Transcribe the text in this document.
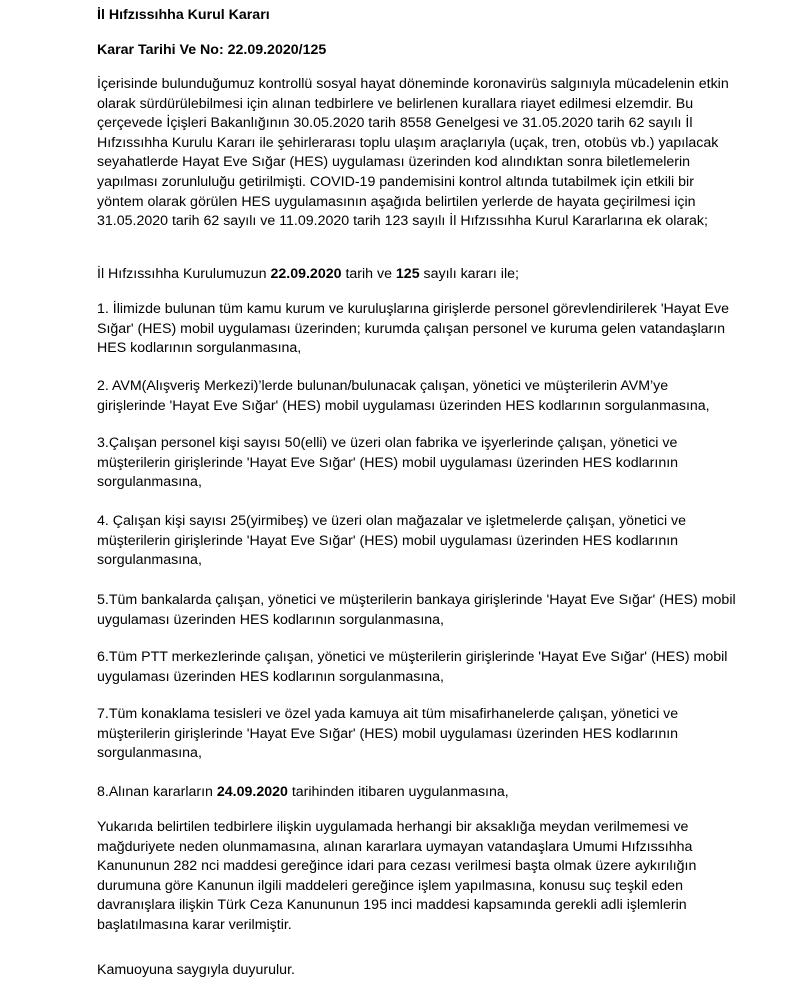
İl Hıfzıssıhha Kurul Kararı
Karar Tarihi Ve No: 22.09.2020/125
İçerisinde bulunduğumuz kontrollü sosyal hayat döneminde koronavirüs salgınıyla mücadelenin etkin
olarak sürdürülebilmesi için alınan tedbirlere ve belirlenen kurallara riayet edilmesi elzemdir. Bu
çerçevede İçişleri Bakanlığının 30.05.2020 tarih 8558 Genelgesi ve 31.05.2020 tarih 62 sayılı İl
Hıfzıssıhha Kurulu Kararı ile şehirlerarası toplu ulaşım araçlarıyla (uçak, tren, otobüs vb.) yapılacak
seyahatlerde Hayat Eve Sığar (HES) uygulaması üzerinden kod alındıktan sonra biletlemelerin
yapılması zorunluluğu getirilmişti. COVID-19 pandemisini kontrol altında tutabilmek için etkili bir
yöntem olarak görülen HES uygulamasının aşağıda belirtilen yerlerde de hayata geçirilmesi için
31.05.2020 tarih 62 sayılı ve 11.09.2020 tarih 123 sayılı İl Hıfzıssıhha Kurul Kararlarına ek olarak;
İl Hıfzıssıhha Kurulumuzun 22.09.2020 tarih ve 125 sayılı kararı ile;
1. İlimizde bulunan tüm kamu kurum ve kuruluşlarına girişlerde personel görevlendirilerek 'Hayat Eve
Sığar' (HES) mobil uygulaması üzerinden; kurumda çalışan personel ve kuruma gelen vatandaşların
HES kodlarının sorgulanmasına,
2. AVM(Alışveriş Merkezi)’lerde bulunan/bulunacak çalışan, yönetici ve müşterilerin AVM’ye
girişlerinde 'Hayat Eve Sığar' (HES) mobil uygulaması üzerinden HES kodlarının sorgulanmasına,
3.Çalışan personel kişi sayısı 50(elli) ve üzeri olan fabrika ve işyerlerinde çalışan, yönetici ve
müşterilerin girişlerinde 'Hayat Eve Sığar' (HES) mobil uygulaması üzerinden HES kodlarının
sorgulanmasına,
4. Çalışan kişi sayısı 25(yirmibeş) ve üzeri olan mağazalar ve işletmelerde çalışan, yönetici ve
müşterilerin girişlerinde 'Hayat Eve Sığar' (HES) mobil uygulaması üzerinden HES kodlarının
sorgulanmasına,
5.Tüm bankalarda çalışan, yönetici ve müşterilerin bankaya girişlerinde 'Hayat Eve Sığar' (HES) mobil
uygulaması üzerinden HES kodlarının sorgulanmasına,
6.Tüm PTT merkezlerinde çalışan, yönetici ve müşterilerin girişlerinde 'Hayat Eve Sığar' (HES) mobil
uygulaması üzerinden HES kodlarının sorgulanmasına,
7.Tüm konaklama tesisleri ve özel yada kamuya ait tüm misafirhanelerde çalışan, yönetici ve
müşterilerin girişlerinde 'Hayat Eve Sığar' (HES) mobil uygulaması üzerinden HES kodlarının
sorgulanmasına,
8.Alınan kararların 24.09.2020 tarihinden itibaren uygulanmasına,
Yukarıda belirtilen tedbirlere ilişkin uygulamada herhangi bir aksaklığa meydan verilmemesi ve
mağduriyete neden olunmamasına, alınan kararlara uymayan vatandaşlara Umumi Hıfzıssıhha
Kanununun 282 nci maddesi gereğince idari para cezası verilmesi başta olmak üzere aykırılığın
durumuna göre Kanunun ilgili maddeleri gereğince işlem yapılmasına, konusu suç teşkil eden
davranışlara ilişkin Türk Ceza Kanununun 195 inci maddesi kapsamında gerekli adli işlemlerin
başlatılmasına karar verilmiştir.
Kamuoyuna saygıyla duyurulur.
